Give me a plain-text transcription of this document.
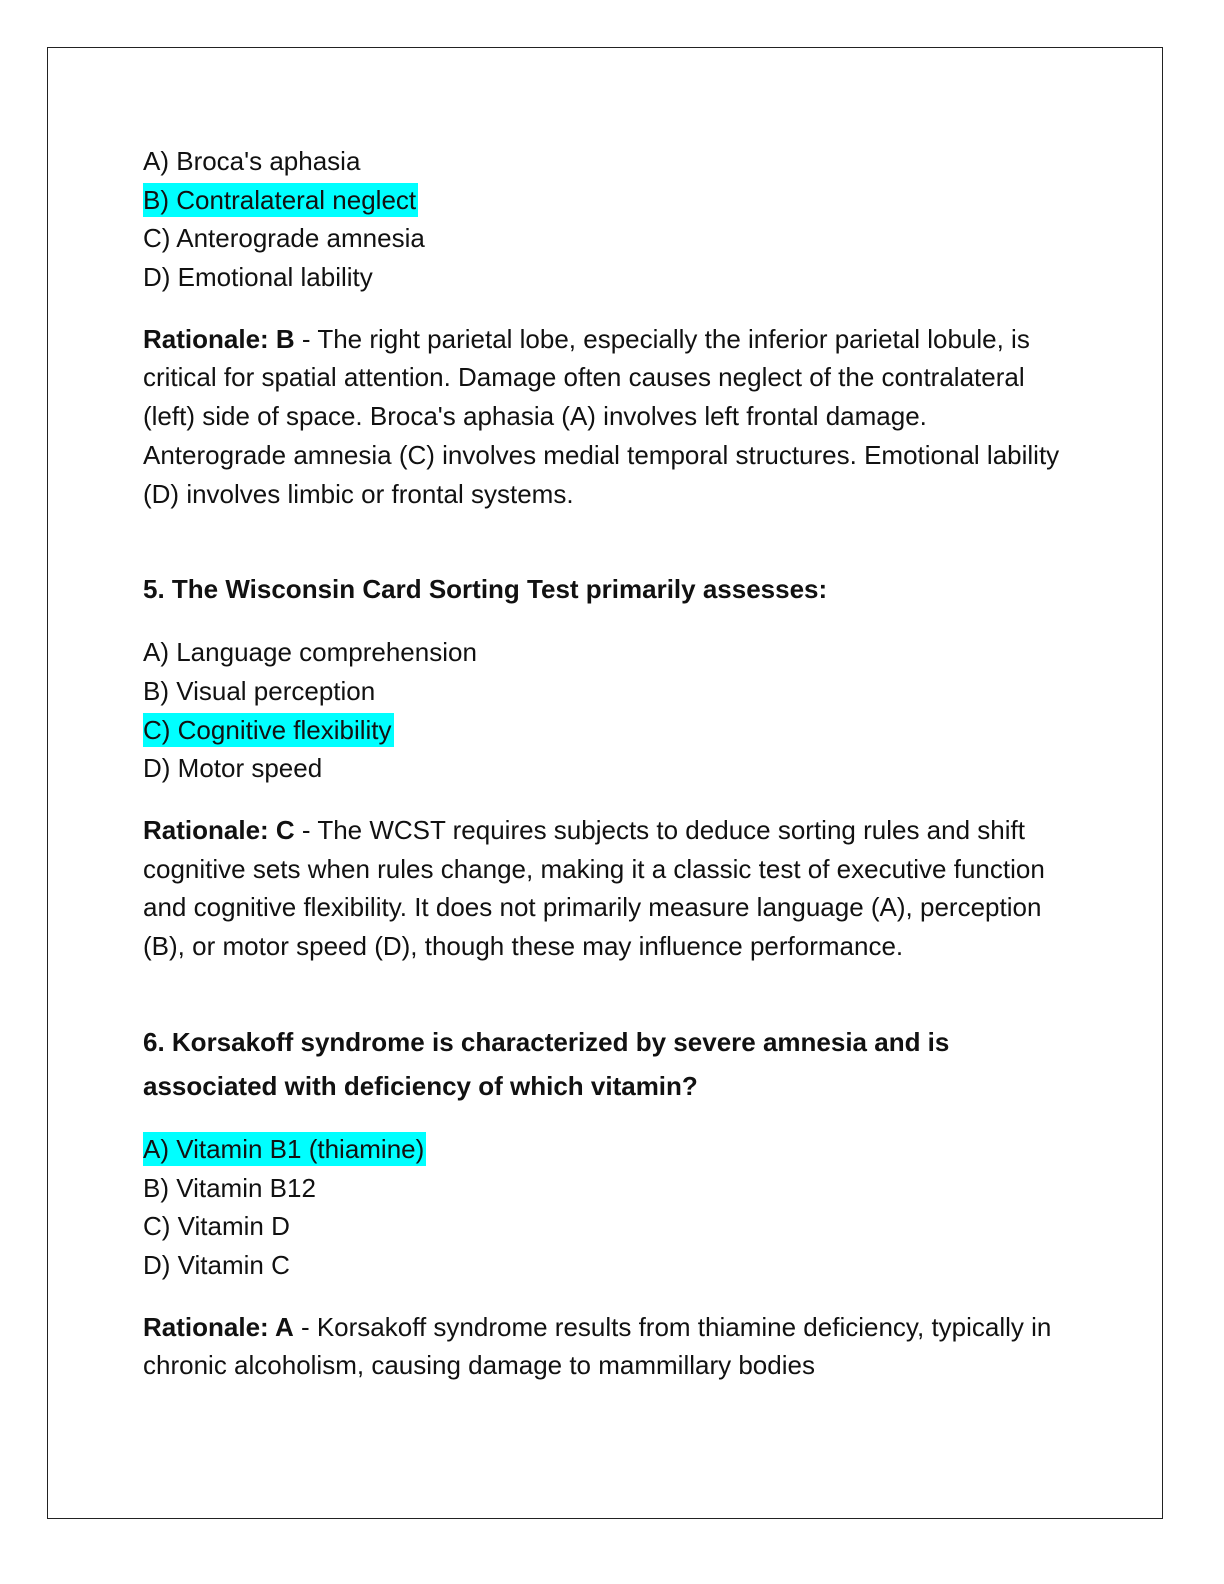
A) Broca's aphasia
B) Contralateral neglect
C) Anterograde amnesia
D) Emotional lability
Rationale: B - The right parietal lobe, especially the inferior parietal lobule, is critical for spatial attention. Damage often causes neglect of the contralateral (left) side of space. Broca's aphasia (A) involves left frontal damage. Anterograde amnesia (C) involves medial temporal structures. Emotional lability (D) involves limbic or frontal systems.
5. The Wisconsin Card Sorting Test primarily assesses:
A) Language comprehension
B) Visual perception
C) Cognitive flexibility
D) Motor speed
Rationale: C - The WCST requires subjects to deduce sorting rules and shift cognitive sets when rules change, making it a classic test of executive function and cognitive flexibility. It does not primarily measure language (A), perception (B), or motor speed (D), though these may influence performance.
6. Korsakoff syndrome is characterized by severe amnesia and is associated with deficiency of which vitamin?
A) Vitamin B1 (thiamine)
B) Vitamin B12
C) Vitamin D
D) Vitamin C
Rationale: A - Korsakoff syndrome results from thiamine deficiency, typically in chronic alcoholism, causing damage to mammillary bodies
